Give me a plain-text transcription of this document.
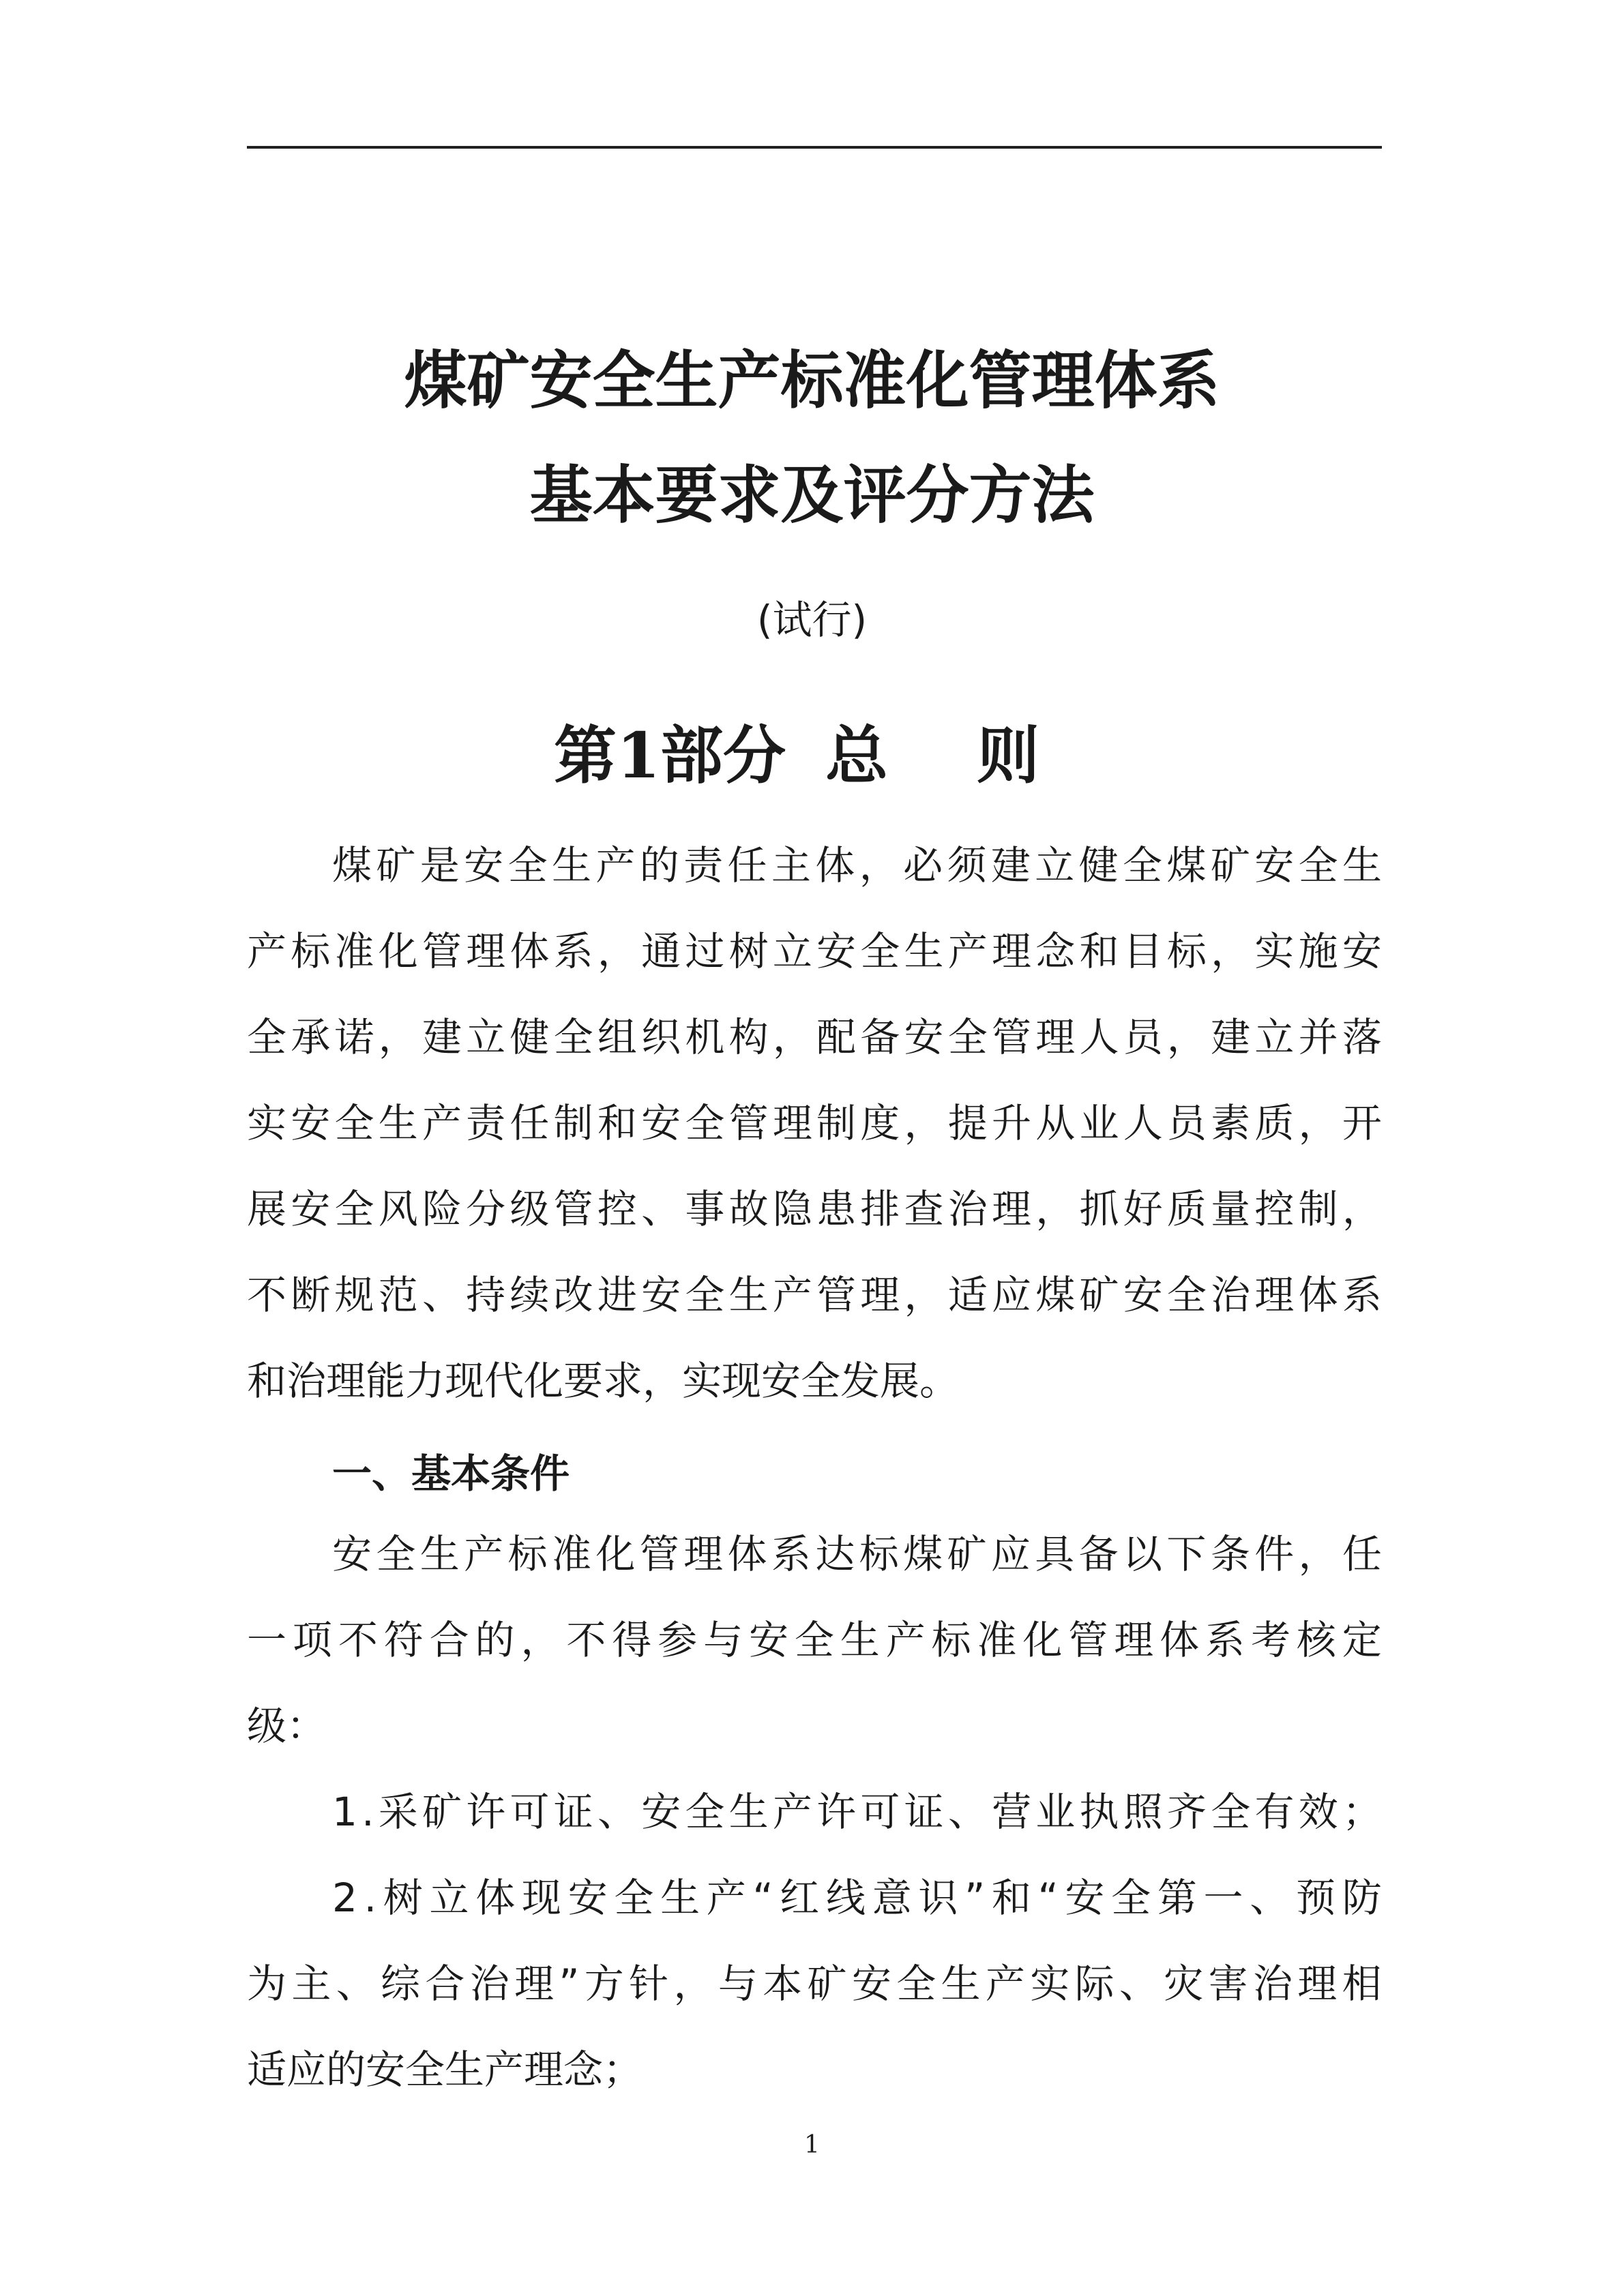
煤矿安全生产标准化管理体系
基本要求及评分方法
(试行)
第1部分 总 则
煤 矿 是 安 全 生 产 的 责 任 主 体 ， 必 须 建 立 健 全 煤 矿 安 全 生
产 标 准 化 管 理 体 系 ， 通 过 树 立 安 全 生 产 理 念 和 目 标 ， 实 施 安
全 承 诺 ， 建 立 健 全 组 织 机 构 ， 配 备 安 全 管 理 人 员 ， 建 立 并 落
实 安 全 生 产 责 任 制 和 安 全 管 理 制 度 ， 提 升 从 业 人 员 素 质 ， 开
展 安 全 风 险 分 级 管 控 、 事 故 隐 患 排 查 治 理 ， 抓 好 质 量 控 制 ，
不 断 规 范 、 持 续 改 进 安 全 生 产 管 理 ， 适 应 煤 矿 安 全 治 理 体 系
和治理能力现代化要求，实现安全发展。
一、基本条件
安 全 生 产 标 准 化 管 理 体 系 达 标 煤 矿 应 具 备 以 下 条 件 ， 任
一 项 不 符 合 的 ， 不 得 参 与 安 全 生 产 标 准 化 管 理 体 系 考 核 定
级：
1 . 采 矿 许 可 证 、 安 全 生 产 许 可 证 、 营 业 执 照 齐 全 有 效 ；
2 . 树 立 体 现 安 全 生 产 “ 红 线 意 识 ” 和 “ 安 全 第 一 、 预 防
为 主 、 综 合 治 理 ” 方 针 ， 与 本 矿 安 全 生 产 实 际 、 灾 害 治 理 相
适应的安全生产理念；
1
